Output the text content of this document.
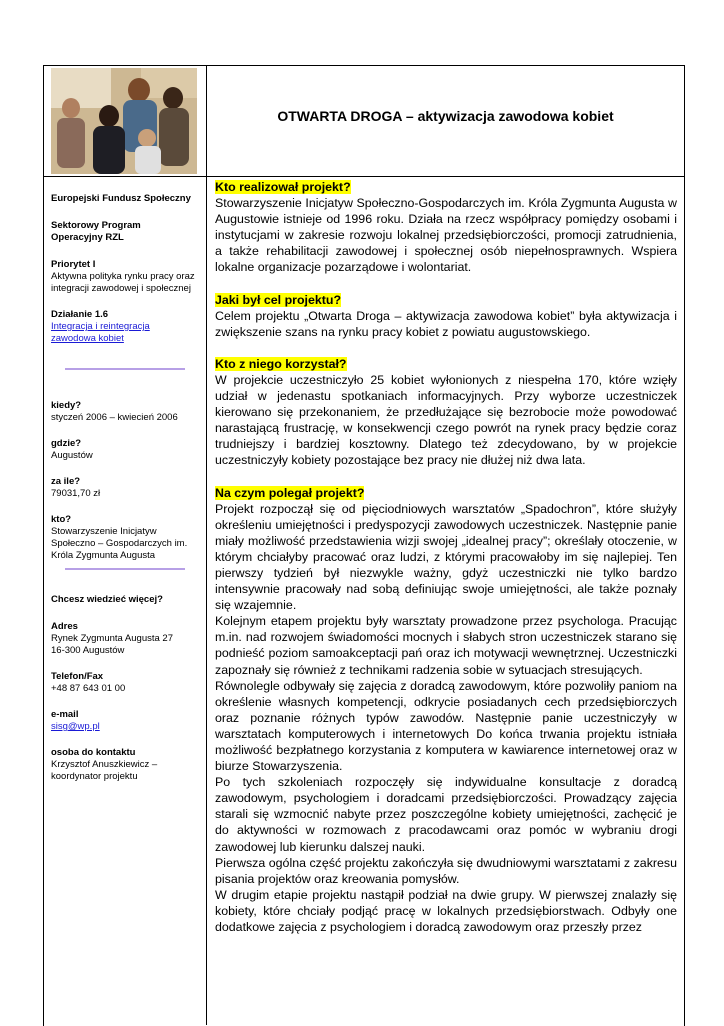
OTWARTA DROGA – aktywizacja zawodowa kobiet

Europejski Fundusz Społeczny

Sektorowy Program

Operacyjny RZL

Priorytet I

Aktywna polityka rynku pracy oraz

integracji zawodowej i społecznej

Działanie 1.6

Integracja i reintegracja

zawodowa kobiet

kiedy?

styczeń 2006 – kwiecień 2006

gdzie?

Augustów

za ile?

79031,70 zł

kto?

Stowarzyszenie Inicjatyw

Społeczno – Gospodarczych im.

Króla Zygmunta Augusta

Chcesz wiedzieć więcej?

Adres

Rynek Zygmunta Augusta 27

16-300 Augustów

Telefon/Fax

+48 87 643 01 00

e-mail

sisg@wp.pl

osoba do kontaktu

Krzysztof Anuszkiewicz –

koordynator projektu

Kto realizował projekt?

Stowarzyszenie Inicjatyw Społeczno-Gospodarczych im. Króla Zygmunta Augusta w Augustowie istnieje od 1996 roku. Działa na rzecz współpracy pomiędzy osobami i instytucjami w zakresie rozwoju lokalnej przedsiębiorczości, promocji zatrudnienia, a także rehabilitacji zawodowej i społecznej osób niepełnosprawnych. Wspiera lokalne organizacje pozarządowe i wolontariat.

Jaki był cel projektu?

Celem projektu „Otwarta Droga – aktywizacja zawodowa kobiet” była aktywizacja i zwiększenie szans na rynku pracy kobiet z powiatu augustowskiego.

Kto z niego korzystał?

W projekcie uczestniczyło 25 kobiet wyłonionych z niespełna 170, które wzięły udział w jedenastu spotkaniach informacyjnych. Przy wyborze uczestniczek kierowano się przekonaniem, że przedłużające się bezrobocie może powodować narastającą frustrację, w konsekwencji czego powrót na rynek pracy będzie coraz trudniejszy i bardziej kosztowny. Dlatego też zdecydowano, by w projekcie uczestniczyły kobiety pozostające bez pracy nie dłużej niż dwa lata.

Na czym polegał projekt?

Projekt rozpoczął się od pięciodniowych warsztatów „Spadochron”, które służyły określeniu umiejętności i predyspozycji zawodowych uczestniczek. Następnie panie miały możliwość przedstawienia wizji swojej „idealnej pracy”; określały otoczenie, w którym chciałyby pracować oraz ludzi, z którymi pracowałoby im się najlepiej. Ten pierwszy tydzień był niezwykle ważny, gdyż uczestniczki nie tylko bardzo intensywnie pracowały nad sobą definiując swoje umiejętności, ale także poznały się wzajemnie.

Kolejnym etapem projektu były warsztaty prowadzone przez psychologa. Pracując m.in. nad rozwojem świadomości mocnych i słabych stron uczestniczek starano się podnieść poziom samoakceptacji pań oraz ich motywacji wewnętrznej. Uczestniczki zapoznały się również z technikami radzenia sobie w sytuacjach stresujących.

Równolegle odbywały się zajęcia z doradcą zawodowym, które pozwoliły paniom na określenie własnych kompetencji, odkrycie posiadanych cech przedsiębiorczych oraz poznanie różnych typów zawodów. Następnie panie uczestniczyły w warsztatach komputerowych i internetowych Do końca trwania projektu istniała możliwość bezpłatnego korzystania z komputera w kawiarence internetowej oraz w biurze Stowarzyszenia.

Po tych szkoleniach rozpoczęły się indywidualne konsultacje z doradcą zawodowym, psychologiem i doradcami przedsiębiorczości. Prowadzący zajęcia starali się wzmocnić nabyte przez poszczególne kobiety umiejętności, zachęcić je do aktywności w rozmowach z pracodawcami oraz pomóc w wybraniu drogi zawodowej lub kierunku dalszej nauki.

Pierwsza ogólna część projektu zakończyła się dwudniowymi warsztatami z zakresu pisania projektów oraz kreowania pomysłów.

W drugim etapie projektu nastąpił podział na dwie grupy. W pierwszej znalazły się kobiety, które chciały podjąć pracę w lokalnych przedsiębiorstwach. Odbyły one dodatkowe zajęcia z psychologiem i doradcą zawodowym oraz przeszły przez
